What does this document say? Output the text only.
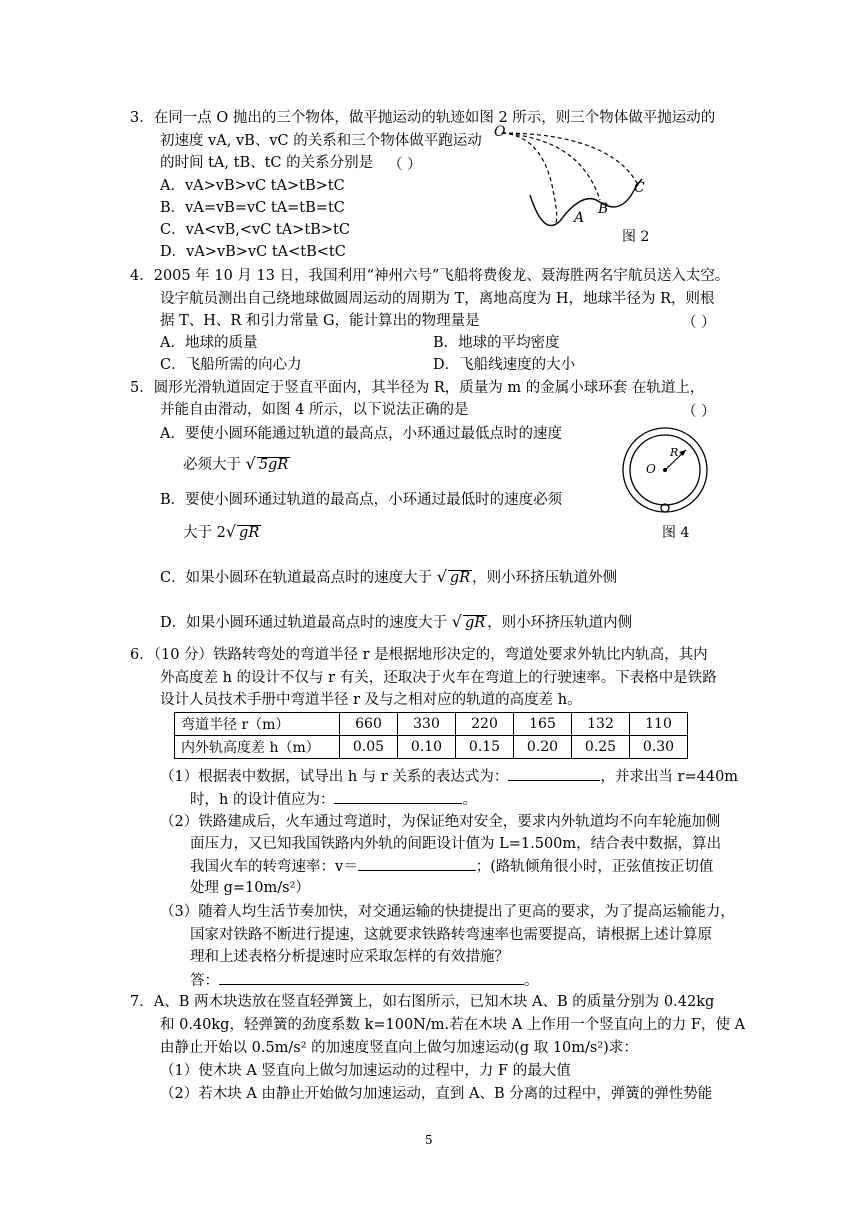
3．在同一点 O 抛出的三个物体，做平抛运动的轨迹如图 2 所示，则三个物体做平抛运动的
初速度 vA, vB、vC 的关系和三个物体做平跑运动
的时间 tA, tB、tC 的关系分别是 （ ）
A．vA>vB>vC tA>tB>tC
B．vA=vB=vC tA=tB=tC
C．vA<vB,<vC tA>tB>tC
D．vA>vB>vC tA<tB<tC
O
A
B
C
图 2
4．2005 年 10 月 13 日，我国利用“神州六号”飞船将费俊龙、聂海胜两名宇航员送入太空。
设宇航员测出自己绕地球做圆周运动的周期为 T，离地高度为 H，地球半径为 R，则根
据 T、H、R 和引力常量 G，能计算出的物理量是	（ ）
A．地球的质量	B．地球的平均密度
C．飞船所需的向心力	D．飞船线速度的大小
5．圆形光滑轨道固定于竖直平面内，其半径为 R，质量为 m 的金属小球环套 在轨道上，
并能自由滑动，如图 4 所示，以下说法正确的是	（ ）
A．要使小圆环能通过轨道的最高点，小环通过最低点时的速度
必须大于 √ 5gR
B．要使小圆环通过轨道的最高点，小环通过最低时的速度必须
大于 2√ gR
C．如果小圆环在轨道最高点时的速度大于 √ gR ，则小环挤压轨道外侧
D．如果小圆环通过轨道最高点时的速度大于 √ gR ，则小环挤压轨道内侧
O
R
图 4
6．（10 分）铁路转弯处的弯道半径 r 是根据地形决定的，弯道处要求外轨比内轨高，其内
外高度差 h 的设计不仅与 r 有关，还取决于火车在弯道上的行驶速率。下表格中是铁路
设计人员技术手册中弯道半径 r 及与之相对应的轨道的高度差 h。
弯道半径 r（m）	660	330	220	165	132	110
内外轨高度差 h（m）	0.05	0.10	0.15	0.20	0.25	0.30
（1）根据表中数据，试导出 h 与 r 关系的表达式为：	，并求出当 r=440m
时，h 的设计值应为：	。
（2）铁路建成后，火车通过弯道时，为保证绝对安全，要求内外轨道均不向车轮施加侧
面压力，又已知我国铁路内外轨的间距设计值为 L=1.500m，结合表中数据，算出
我国火车的转弯速率：v＝	；(路轨倾角很小时，正弦值按正切值
处理 g=10m/s²）
（3）随着人均生活节奏加快，对交通运输的快捷提出了更高的要求，为了提高运输能力，
国家对铁路不断进行提速，这就要求铁路转弯速率也需要提高，请根据上述计算原
理和上述表格分析提速时应采取怎样的有效措施？
答：	。
7．A、B 两木块迭放在竖直轻弹簧上，如右图所示，已知木块 A、B 的质量分别为 0.42kg
和 0.40kg，轻弹簧的劲度系数 k=100N/m.若在木块 A 上作用一个竖直向上的力 F，使 A
由静止开始以 0.5m/s² 的加速度竖直向上做匀加速运动(g 取 10m/s²)求：
（1）使木块 A 竖直向上做匀加速运动的过程中，力 F 的最大值
（2）若木块 A 由静止开始做匀加速运动，直到 A、B 分离的过程中，弹簧的弹性势能
5
